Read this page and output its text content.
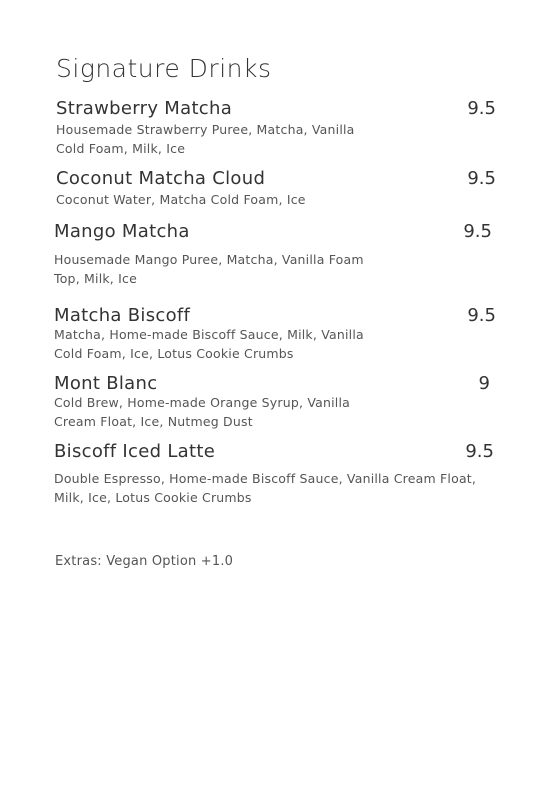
Signature Drinks
Strawberry Matcha	9.5
Housemade Strawberry Puree, Matcha, Vanilla Cold Foam, Milk, Ice
Coconut Matcha Cloud	9.5
Coconut Water, Matcha Cold Foam, Ice
Mango Matcha	9.5
Housemade Mango Puree, Matcha, Vanilla Foam Top, Milk, Ice
Matcha Biscoff	9.5
Matcha, Home-made Biscoff Sauce, Milk, Vanilla Cold Foam, Ice, Lotus Cookie Crumbs
Mont Blanc	9
Cold Brew, Home-made Orange Syrup, Vanilla Cream Float, Ice, Nutmeg Dust
Biscoff Iced Latte	9.5
Double Espresso, Home-made Biscoff Sauce, Vanilla Cream Float, Milk, Ice, Lotus Cookie Crumbs
Extras: Vegan Option +1.0
